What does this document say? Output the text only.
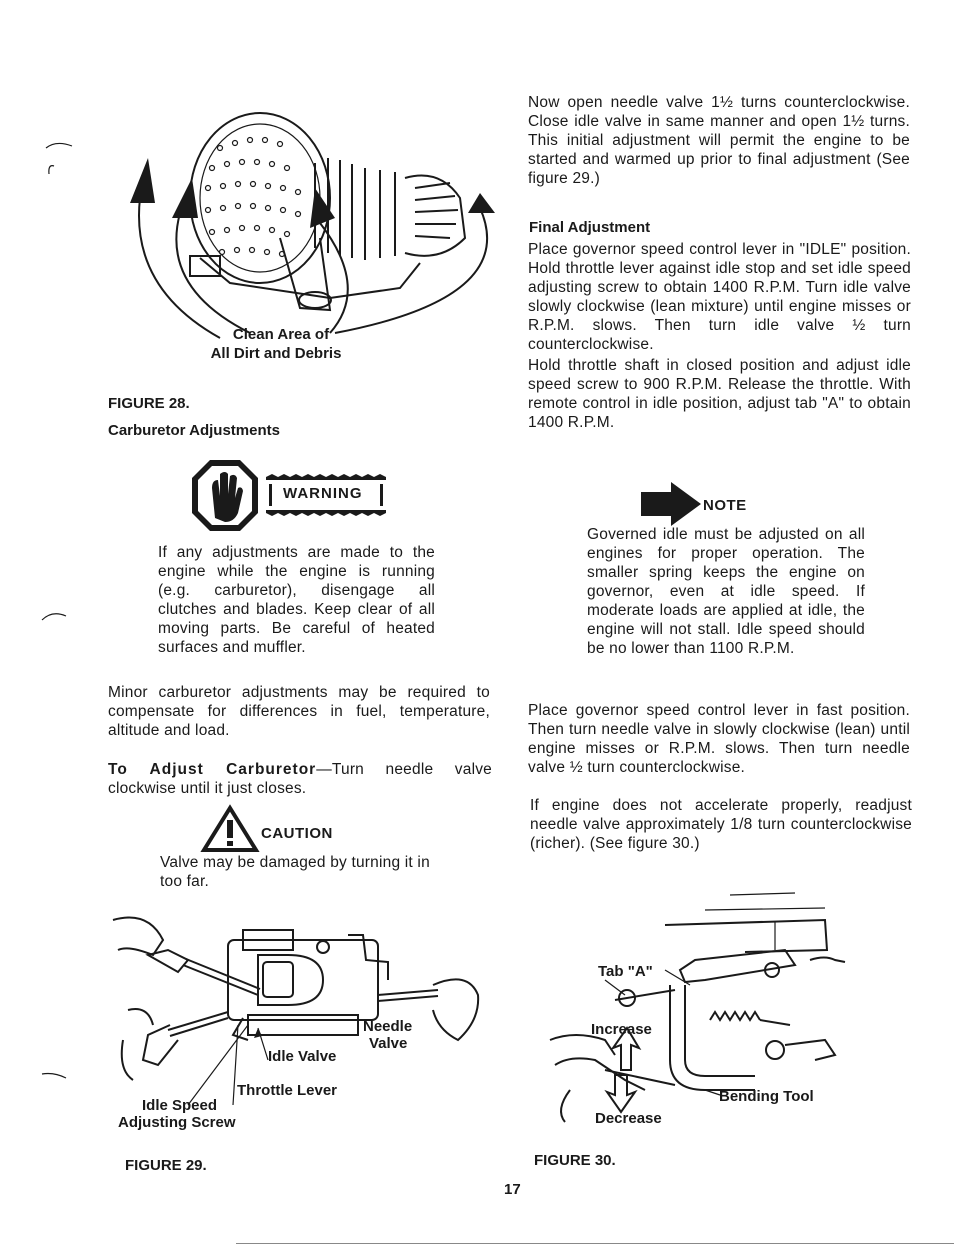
Clean Area of
All Dirt and Debris
FIGURE 28.
Carburetor Adjustments
WARNING
If any adjustments are made to the engine while the engine is running (e.g. carburetor), disengage all clutches and blades. Keep clear of all moving parts. Be careful of heated surfaces and muffler.
Minor carburetor adjustments may be required to compensate for differences in fuel, temperature, altitude and load.
To Adjust Carburetor—Turn needle valve clockwise until it just closes.
CAUTION
Valve may be damaged by turning it in too far.
Needle
Valve
Idle Valve
Throttle Lever
Idle Speed
Adjusting Screw
FIGURE 29.
Now open needle valve 1½ turns counterclockwise. Close idle valve in same manner and open 1½ turns. This initial adjustment will permit the engine to be started and warmed up prior to final adjustment (See figure 29.)
Final Adjustment
Place governor speed control lever in "IDLE" position. Hold throttle lever against idle stop and set idle speed adjusting screw to obtain 1400 R.P.M. Turn idle valve slowly clockwise (lean mixture) until engine misses or R.P.M. slows. Then turn idle valve ½ turn counterclockwise.
Hold throttle shaft in closed position and adjust idle speed screw to 900 R.P.M. Release the throttle. With remote control in idle position, adjust tab "A" to obtain 1400 R.P.M.
NOTE
Governed idle must be adjusted on all engines for proper operation. The smaller spring keeps the engine on governor, even at idle speed. If moderate loads are applied at idle, the engine will not stall. Idle speed should be no lower than 1100 R.P.M.
Place governor speed control lever in fast position. Then turn needle valve in slowly clockwise (lean) until engine misses or R.P.M. slows. Then turn needle valve ½ turn counterclockwise.
If engine does not accelerate properly, readjust needle valve approximately 1/8 turn counterclockwise (richer). (See figure 30.)
Tab "A"
Increase
Bending Tool
Decrease
FIGURE 30.
17
